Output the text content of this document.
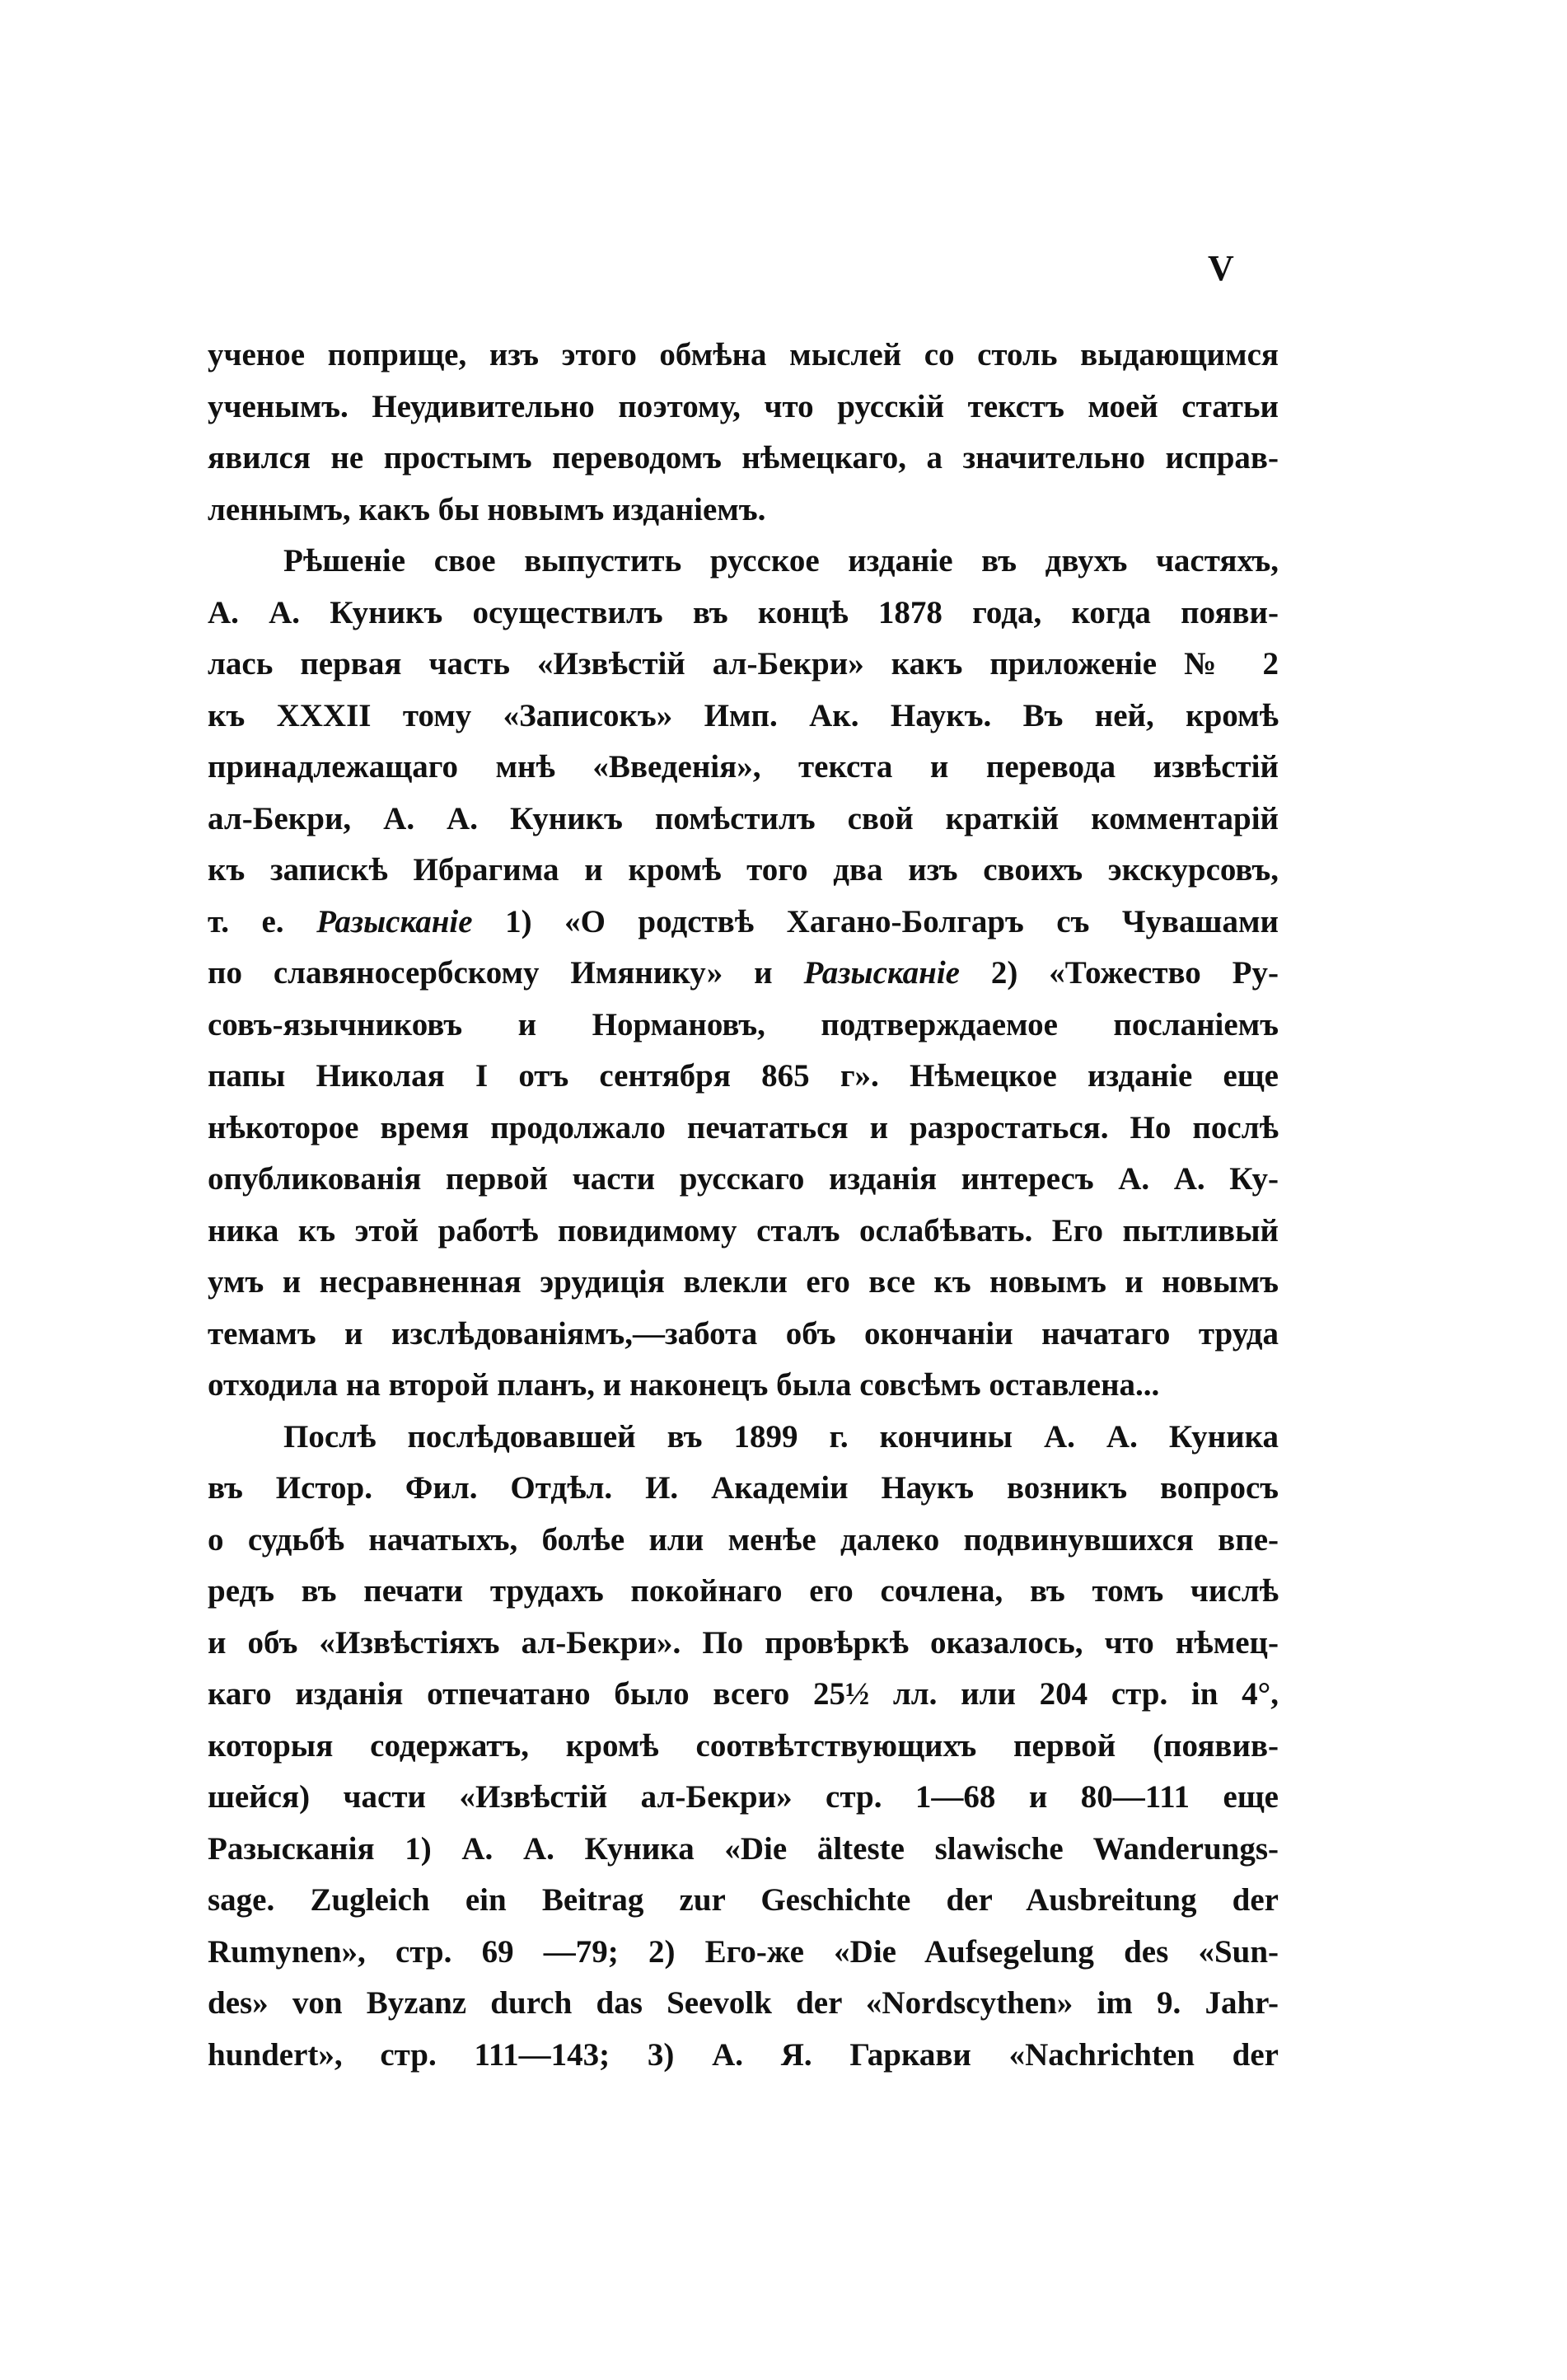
V
ученое поприще, изъ этого обмѣна мыслей со столь выдающимся
ученымъ. Неудивительно поэтому, что русскій текстъ моей статьи
явился не простымъ переводомъ нѣмецкаго, а значительно исправ-
леннымъ, какъ бы новымъ изданіемъ.
Рѣшеніе свое выпустить русское изданіе въ двухъ частяхъ,
А. А. Куникъ осуществилъ въ концѣ 1878 года, когда появи-
лась первая часть «Извѣстій ал-Бекри» какъ приложеніе № 2
къ XXXII тому «Записокъ» Имп. Ак. Наукъ. Въ ней, кромѣ
принадлежащаго мнѣ «Введенія», текста и перевода извѣстій
ал-Бекри, А. А. Куникъ помѣстилъ свой краткій комментарій
къ запискѣ Ибрагима и кромѣ того два изъ своихъ экскурсовъ,
т. е. Разысканіе 1) «О родствѣ Хагано-Болгаръ съ Чувашами
по славяносербскому Имянику» и Разысканіе 2) «Тожество Ру-
совъ-язычниковъ и Нормановъ, подтверждаемое посланіемъ
папы Николая I отъ сентября 865 г». Нѣмецкое изданіе еще
нѣкоторое время продолжало печататься и разростаться. Но послѣ
опубликованія первой части русскаго изданія интересъ А. А. Ку-
ника къ этой работѣ повидимому сталъ ослабѣвать. Его пытливый
умъ и несравненная эрудиція влекли его все къ новымъ и новымъ
темамъ и изслѣдованіямъ,—забота объ окончаніи начатаго труда
отходила на второй планъ, и наконецъ была совсѣмъ оставлена...
Послѣ послѣдовавшей въ 1899 г. кончины А. А. Куника
въ Истор. Фил. Отдѣл. И. Академіи Наукъ возникъ вопросъ
о судьбѣ начатыхъ, болѣе или менѣе далеко подвинувшихся впе-
редъ въ печати трудахъ покойнаго его сочлена, въ томъ числѣ
и объ «Извѣстіяхъ ал-Бекри». По провѣркѣ оказалось, что нѣмец-
каго изданія отпечатано было всего 25½ лл. или 204 стр. in 4°,
которыя содержатъ, кромѣ соотвѣтствующихъ первой (появив-
шейся) части «Извѣстій ал-Бекри» стр. 1—68 и 80—111 еще
Разысканія 1) А. А. Куника «Die älteste slawische Wanderungs-
sage. Zugleich ein Beitrag zur Geschichte der Ausbreitung der
Rumynen», стр. 69 —79; 2) Его-же «Die Aufsegelung des «Sun-
des» von Byzanz durch das Seevolk der «Nordscythen» im 9. Jahr-
hundert», стр. 111—143; 3) А. Я. Гаркави «Nachrichten der
